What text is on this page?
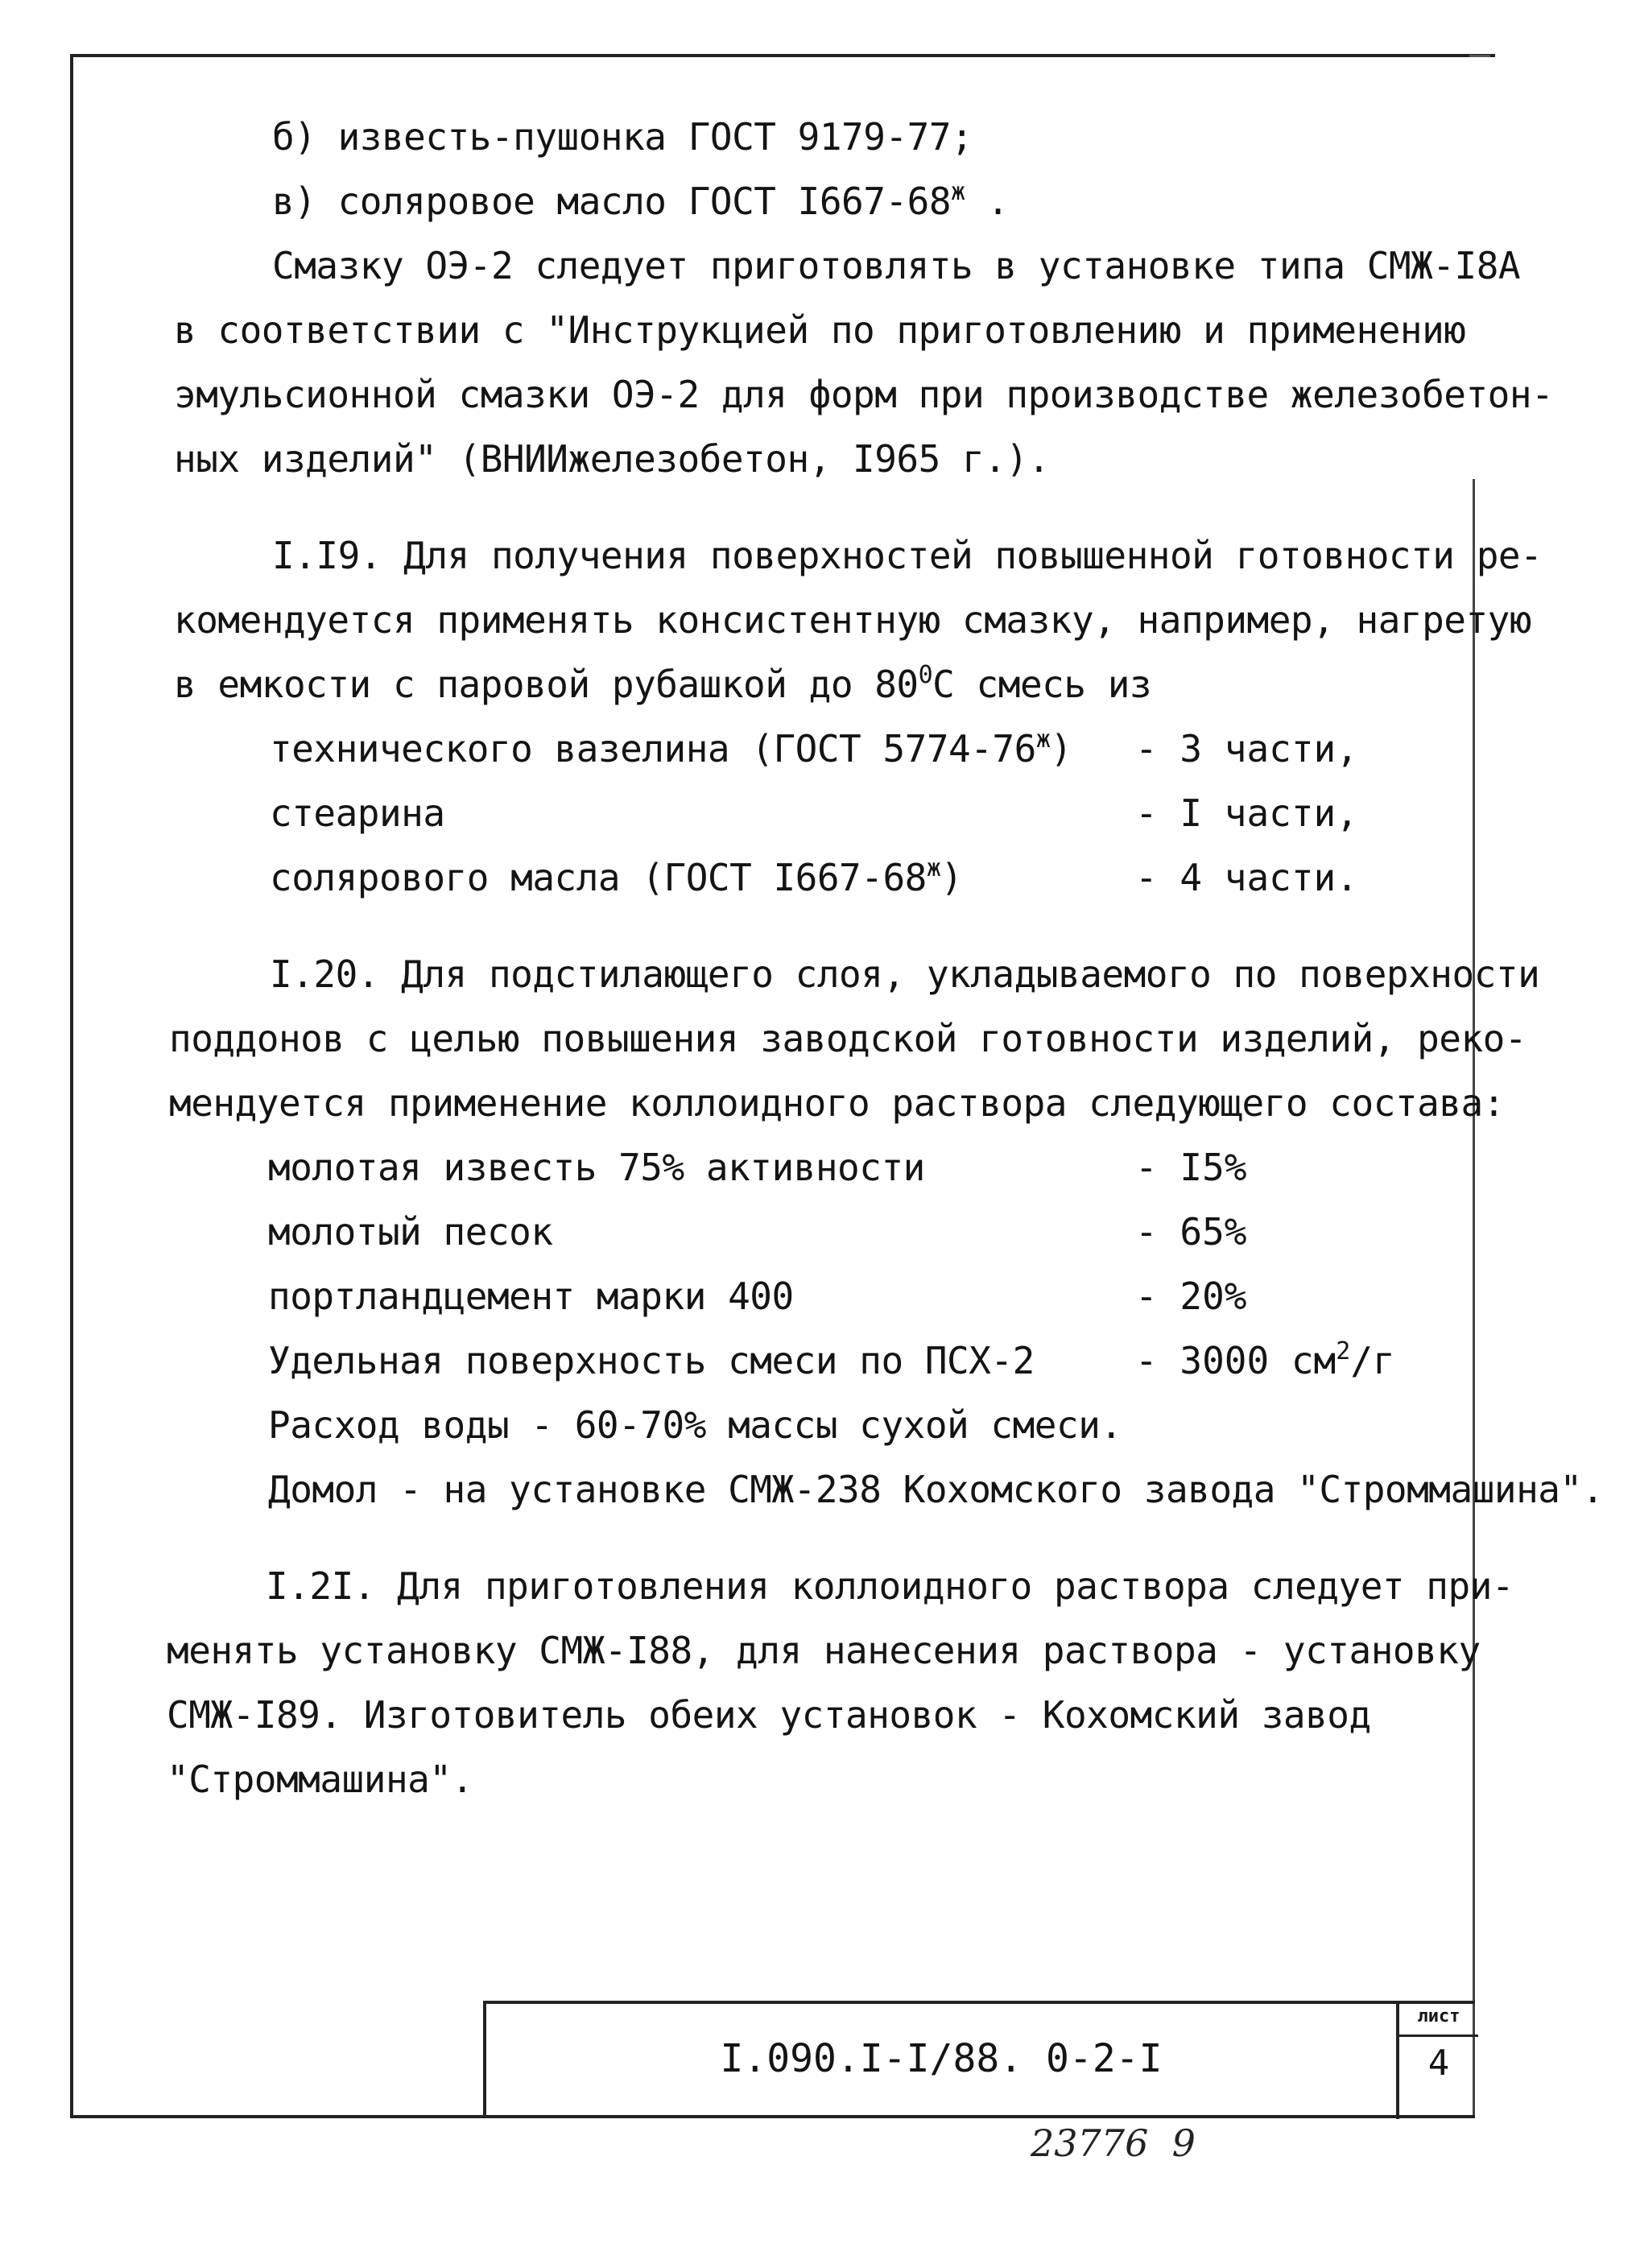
б) известь-пушонка ГОСТ 9179-77;
в) соляровое масло ГОСТ $I667-68^ж$ .
Смазку ОЭ-2 следует приготовлять в установке типа СМЖ-I8А
в соответствии с "Инструкцией по приготовлению и применению
эмульсионной смазки ОЭ-2 для форм при производстве железобетон-
ных изделий" (ВНИИжелезобетон, I965 г.).
I.I9. Для получения поверхностей повышенной готовности ре-
комендуется применять консистентную смазку, например, нагретую
в емкости с паровой рубашкой до $80^0С$ смесь из
технического вазелина (ГОСТ $5774-76^ж) - 3$ части,
стеарина	- I части,
солярового масла (ГОСТ $I667-68^ж$)	- 4 части.
I.20. Для подстилающего слоя, укладываемого по поверхности
поддонов с целью повышения заводской готовности изделий, реко-
мендуется применение коллоидного раствора следующего состава:
молотая известь 75% активности	- I5%
молотый песок	- 65%
портландцемент марки 400	- 20%
Удельная поверхность смеси по ПСХ-2	- 3000 $см^2/г$
Расход воды - 60-70% массы сухой смеси.
Домол - на установке СМЖ-238 Кохомского завода "Строммашина".
I.2I. Для приготовления коллоидного раствора следует при-
менять установку СМЖ-I88, для нанесения раствора - установку
СМЖ-I89. Изготовитель обеих установок - Кохомский завод
"Строммашина".
I.090.I-I/88. 0-2-I
лист
4
23776  9
